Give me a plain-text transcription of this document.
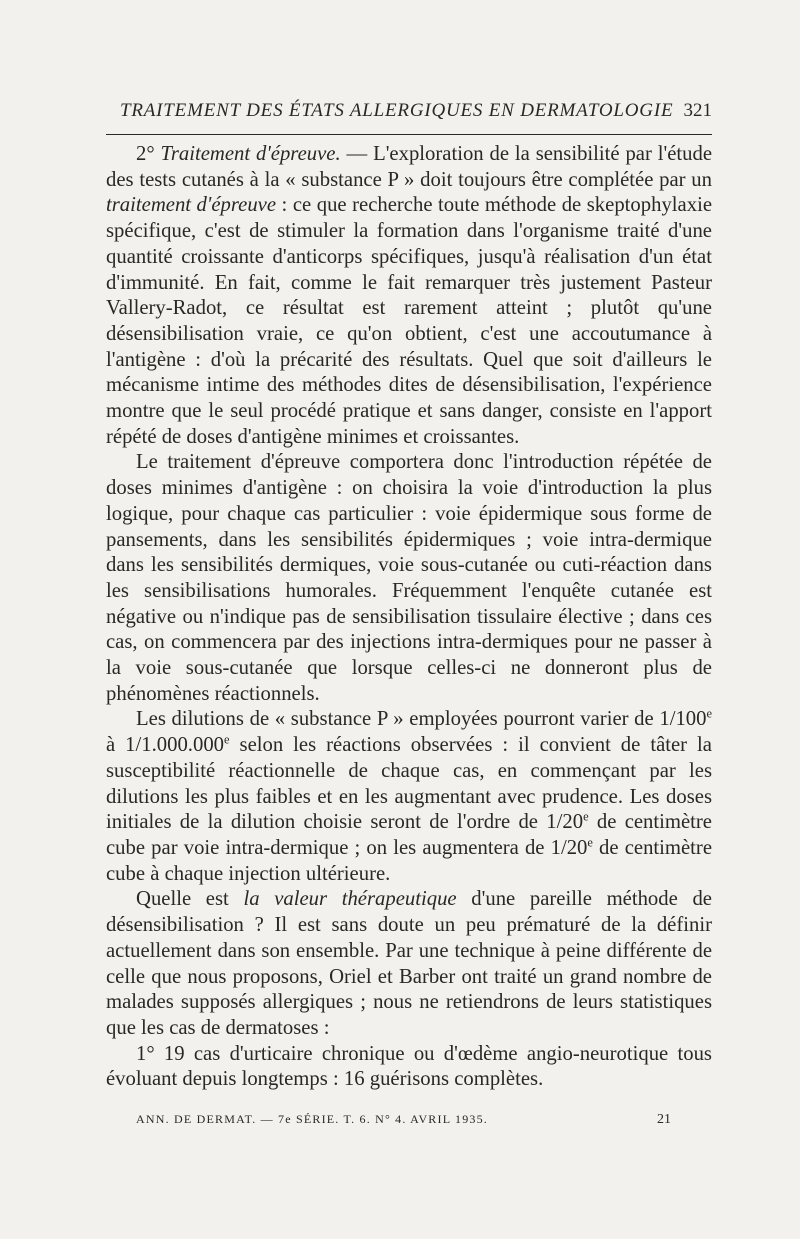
TRAITEMENT DES ÉTATS ALLERGIQUES EN DERMATOLOGIE 321

2° Traitement d'épreuve. — L'exploration de la sensibilité par l'étude des tests cutanés à la « substance P » doit toujours être complétée par un traitement d'épreuve : ce que recherche toute méthode de skeptophylaxie spécifique, c'est de stimuler la formation dans l'organisme traité d'une quantité croissante d'anticorps spécifiques, jusqu'à réalisation d'un état d'immunité. En fait, comme le fait remarquer très justement Pasteur Vallery-Radot, ce résultat est rarement atteint ; plutôt qu'une désensibilisation vraie, ce qu'on obtient, c'est une accoutumance à l'antigène : d'où la précarité des résultats. Quel que soit d'ailleurs le mécanisme intime des méthodes dites de désensibilisation, l'expérience montre que le seul procédé pratique et sans danger, consiste en l'apport répété de doses d'antigène minimes et croissantes.

Le traitement d'épreuve comportera donc l'introduction répétée de doses minimes d'antigène : on choisira la voie d'introduction la plus logique, pour chaque cas particulier : voie épidermique sous forme de pansements, dans les sensibilités épidermiques ; voie intra-dermique dans les sensibilités dermiques, voie sous-cutanée ou cuti-réaction dans les sensibilisations humorales. Fréquemment l'enquête cutanée est négative ou n'indique pas de sensibilisation tissulaire élective ; dans ces cas, on commencera par des injections intra-dermiques pour ne passer à la voie sous-cutanée que lorsque celles-ci ne donneront plus de phénomènes réactionnels.

Les dilutions de « substance P » employées pourront varier de 1/100e à 1/1.000.000e selon les réactions observées : il convient de tâter la susceptibilité réactionnelle de chaque cas, en commençant par les dilutions les plus faibles et en les augmentant avec prudence. Les doses initiales de la dilution choisie seront de l'ordre de 1/20e de centimètre cube par voie intra-dermique ; on les augmentera de 1/20e de centimètre cube à chaque injection ultérieure.

Quelle est la valeur thérapeutique d'une pareille méthode de désensibilisation ? Il est sans doute un peu prématuré de la définir actuellement dans son ensemble. Par une technique à peine différente de celle que nous proposons, Oriel et Barber ont traité un grand nombre de malades supposés allergiques ; nous ne retiendrons de leurs statistiques que les cas de dermatoses :

1° 19 cas d'urticaire chronique ou d'œdème angio-neurotique tous évoluant depuis longtemps : 16 guérisons complètes.

ANN. DE DERMAT. — 7e SÉRIE. T. 6. N° 4. AVRIL 1935.	21
